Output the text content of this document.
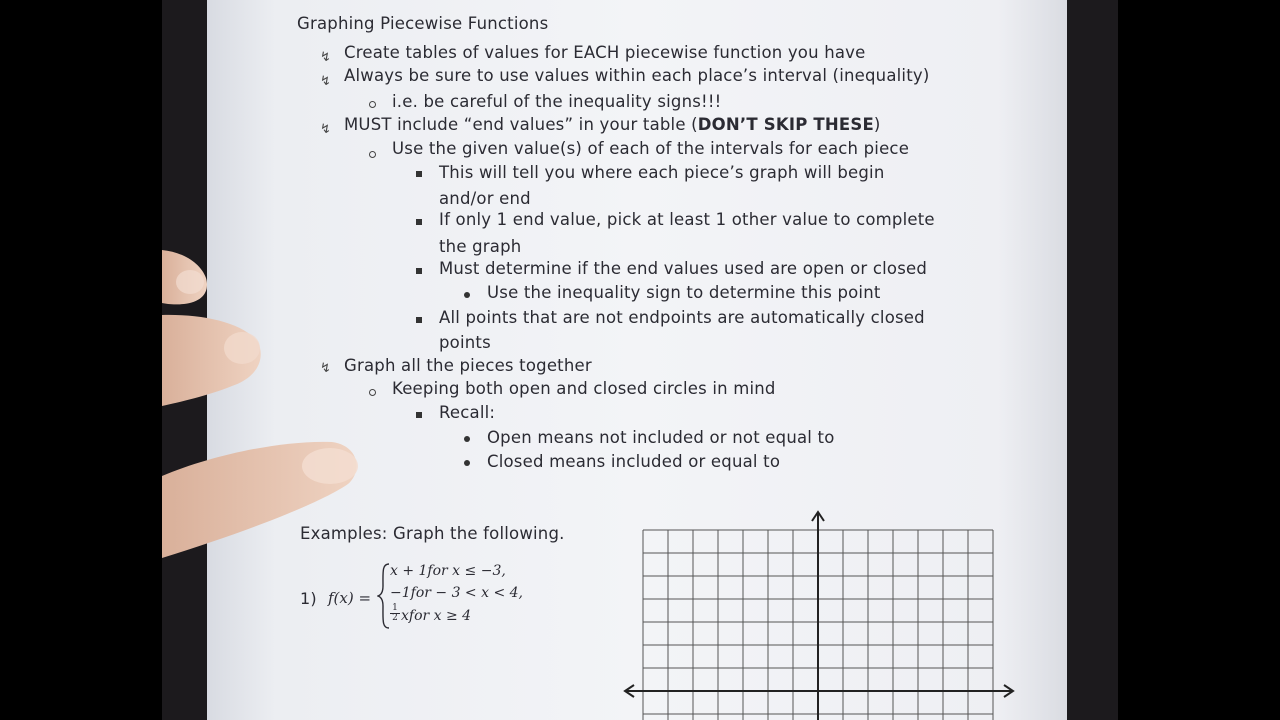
Graphing Piecewise Functions
↯ Create tables of values for EACH piecewise function you have
↯ Always be sure to use values within each place’s interval (inequality)
i.e. be careful of the inequality signs!!!
↯ MUST include “end values” in your table (DON’T SKIP THESE)
Use the given value(s) of each of the intervals for each piece
This will tell you where each piece’s graph will begin
and/or end
If only 1 end value, pick at least 1 other value to complete
the graph
Must determine if the end values used are open or closed
Use the inequality sign to determine this point
All points that are not endpoints are automatically closed
points
↯ Graph all the pieces together
Keeping both open and closed circles in mind
Recall:
Open means not included or not equal to
Closed means included or equal to
Examples: Graph the following.
1) f(x) =
x + 1for x ≤ −3,
−1for − 3 < x < 4,
1
2 xfor x ≥ 4
